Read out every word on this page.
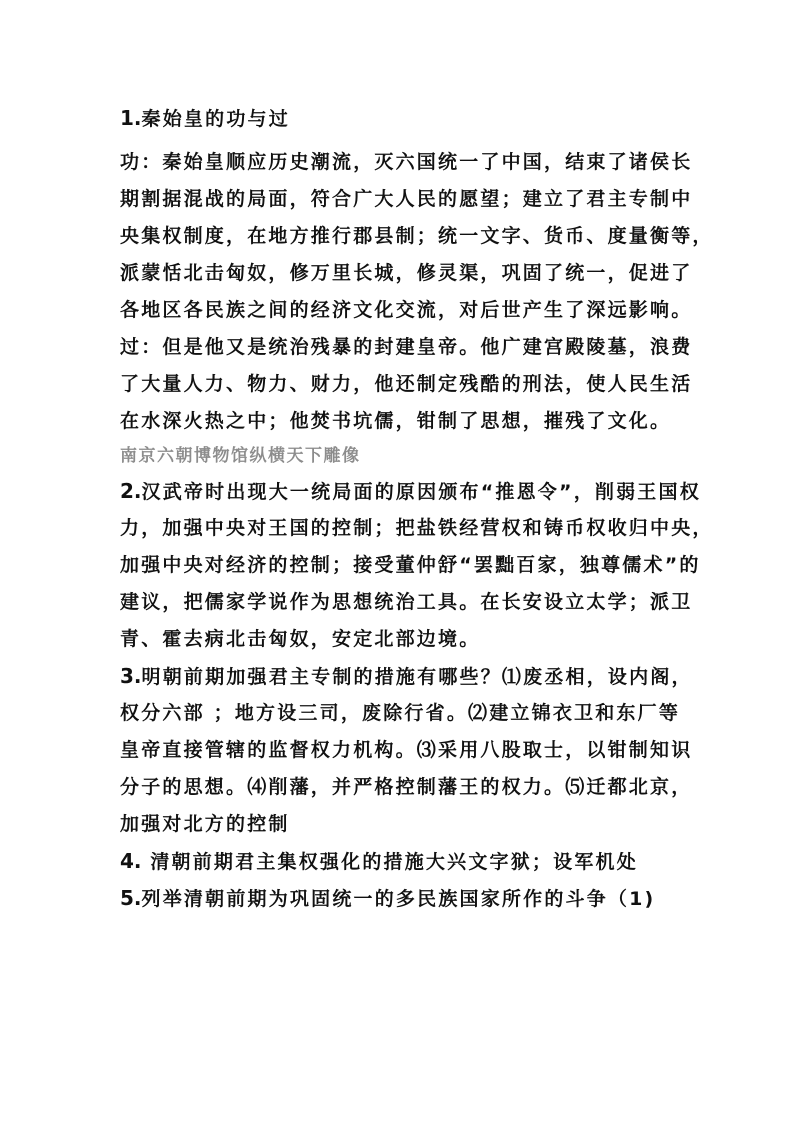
1.秦始皇的功与过
功：秦始皇顺应历史潮流，灭六国统一了中国，结束了诸侯长
期割据混战的局面，符合广大人民的愿望；建立了君主专制中
央集权制度，在地方推行郡县制；统一文字、货币、度量衡等，
派蒙恬北击匈奴，修万里长城，修灵渠，巩固了统一，促进了
各地区各民族之间的经济文化交流，对后世产生了深远影响。
过：但是他又是统治残暴的封建皇帝。他广建宫殿陵墓，浪费
了大量人力、物力、财力，他还制定残酷的刑法，使人民生活
在水深火热之中；他焚书坑儒，钳制了思想，摧残了文化。
南京六朝博物馆纵横天下雕像
2.汉武帝时出现大一统局面的原因颁布“推恩令”，削弱王国权
力，加强中央对王国的控制；把盐铁经营权和铸币权收归中央，
加强中央对经济的控制；接受董仲舒“罢黜百家，独尊儒术”的
建议，把儒家学说作为思想统治工具。在长安设立太学；派卫
青、霍去病北击匈奴，安定北部边境。
3.明朝前期加强君主专制的措施有哪些？⑴废丞相，设内阁，
权分六部 ；地方设三司，废除行省。⑵建立锦衣卫和东厂等
皇帝直接管辖的监督权力机构。⑶采用八股取士，以钳制知识
分子的思想。⑷削藩，并严格控制藩王的权力。⑸迁都北京，
加强对北方的控制
4. 清朝前期君主集权强化的措施大兴文字狱；设军机处
5.列举清朝前期为巩固统一的多民族国家所作的斗争（1)
